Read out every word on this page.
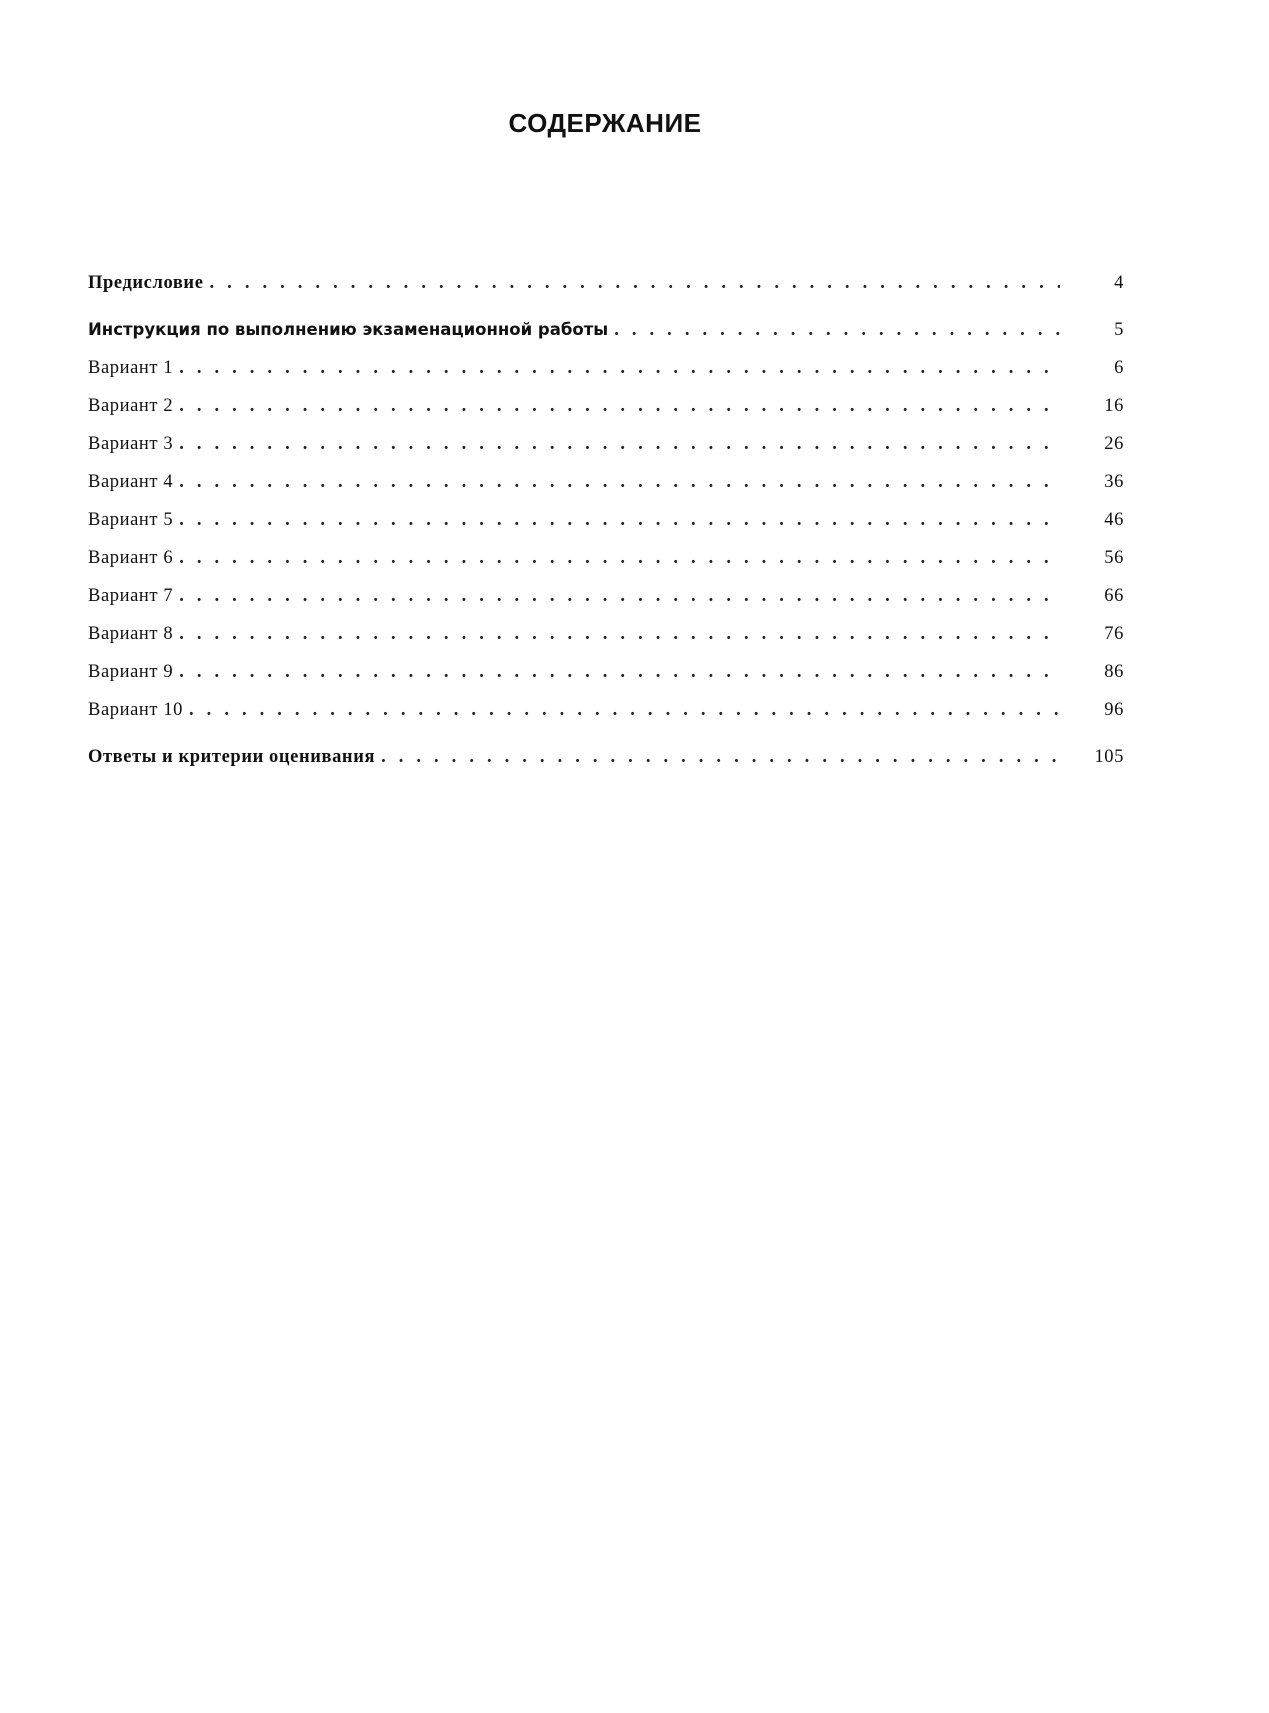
СОДЕРЖАНИЕ
Предисловие . . .	4
Инструкция по выполнению экзаменационной работы . . .	5
Вариант 1 . . .	6
Вариант 2 . . .	16
Вариант 3 . . .	26
Вариант 4 . . .	36
Вариант 5 . . .	46
Вариант 6 . . .	56
Вариант 7 . . .	66
Вариант 8 . . .	76
Вариант 9 . . .	86
Вариант 10 . . .	96
Ответы и критерии оценивания . . .	105
